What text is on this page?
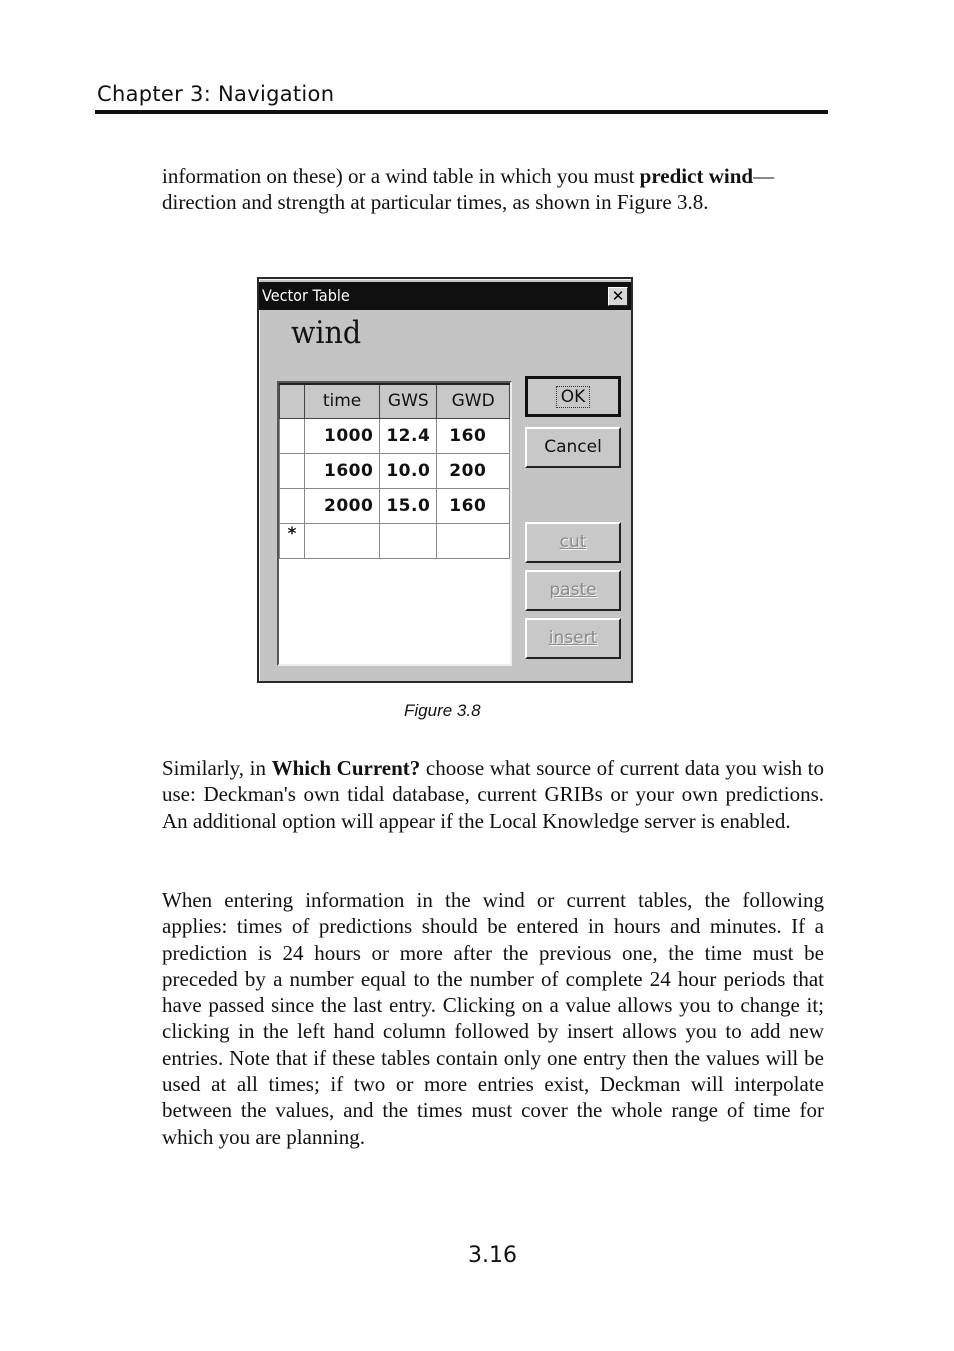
Chapter 3: Navigation
information on these) or a wind table in which you must predict wind—direction and strength at particular times, as shown in Figure 3.8.
Vector Table	✕
wind
	time	GWS	GWD
	1000	12.4	160
	1600	10.0	200
	2000	15.0	160
*			
OK
Cancel
cut
paste
insert
Figure 3.8
Similarly, in Which Current? choose what source of current data you wish to use: Deckman's own tidal database, current GRIBs or your own predictions. An additional option will appear if the Local Knowledge server is enabled.
When entering information in the wind or current tables, the following applies: times of predictions should be entered in hours and minutes. If a prediction is 24 hours or more after the previous one, the time must be preceded by a number equal to the number of complete 24 hour periods that have passed since the last entry. Clicking on a value allows you to change it; clicking in the left hand column followed by insert allows you to add new entries. Note that if these tables contain only one entry then the values will be used at all times; if two or more entries exist, Deckman will interpolate between the values, and the times must cover the whole range of time for which you are planning.
3.16
